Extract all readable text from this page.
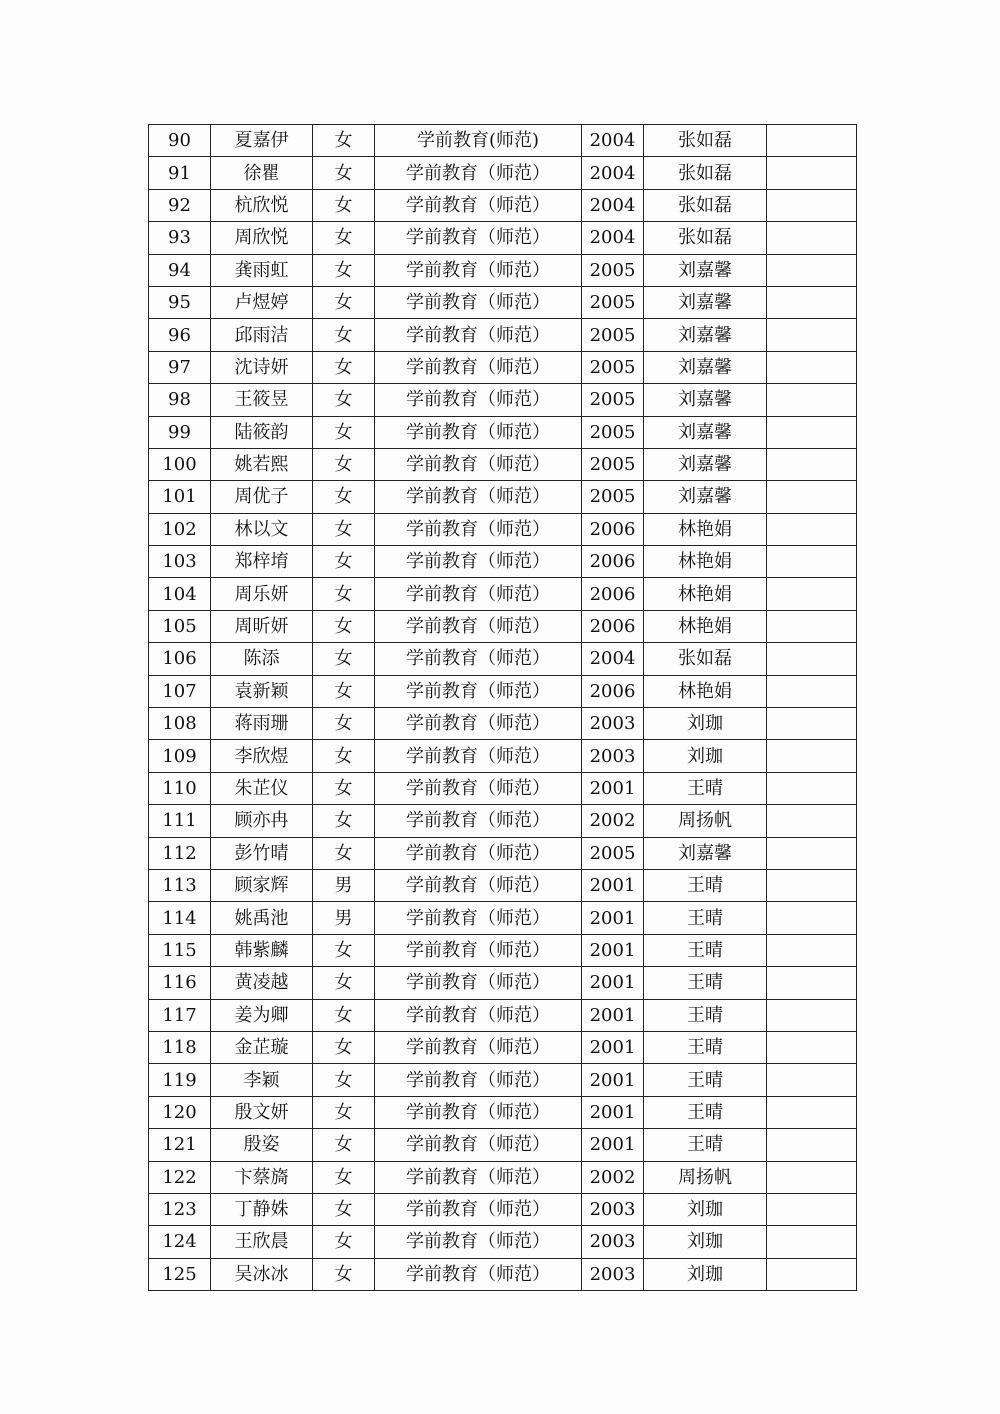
90	夏嘉伊	女	学前教育(师范)	2004	张如磊	
91	徐瞿	女	学前教育（师范）	2004	张如磊	
92	杭欣悦	女	学前教育（师范）	2004	张如磊	
93	周欣悦	女	学前教育（师范）	2004	张如磊	
94	龚雨虹	女	学前教育（师范）	2005	刘嘉馨	
95	卢煜婷	女	学前教育（师范）	2005	刘嘉馨	
96	邱雨洁	女	学前教育（师范）	2005	刘嘉馨	
97	沈诗妍	女	学前教育（师范）	2005	刘嘉馨	
98	王筱昱	女	学前教育（师范）	2005	刘嘉馨	
99	陆筱韵	女	学前教育（师范）	2005	刘嘉馨	
100	姚若熙	女	学前教育（师范）	2005	刘嘉馨	
101	周优子	女	学前教育（师范）	2005	刘嘉馨	
102	林以文	女	学前教育（师范）	2006	林艳娟	
103	郑梓堉	女	学前教育（师范）	2006	林艳娟	
104	周乐妍	女	学前教育（师范）	2006	林艳娟	
105	周昕妍	女	学前教育（师范）	2006	林艳娟	
106	陈添	女	学前教育（师范）	2004	张如磊	
107	袁新颖	女	学前教育（师范）	2006	林艳娟	
108	蒋雨珊	女	学前教育（师范）	2003	刘珈	
109	李欣煜	女	学前教育（师范）	2003	刘珈	
110	朱芷仪	女	学前教育（师范）	2001	王晴	
111	顾亦冉	女	学前教育（师范）	2002	周扬帆	
112	彭竹晴	女	学前教育（师范）	2005	刘嘉馨	
113	顾家辉	男	学前教育（师范）	2001	王晴	
114	姚禹池	男	学前教育（师范）	2001	王晴	
115	韩紫麟	女	学前教育（师范）	2001	王晴	
116	黄凌越	女	学前教育（师范）	2001	王晴	
117	姜为卿	女	学前教育（师范）	2001	王晴	
118	金芷璇	女	学前教育（师范）	2001	王晴	
119	李颖	女	学前教育（师范）	2001	王晴	
120	殷文妍	女	学前教育（师范）	2001	王晴	
121	殷姿	女	学前教育（师范）	2001	王晴	
122	卞蔡旖	女	学前教育（师范）	2002	周扬帆	
123	丁静姝	女	学前教育（师范）	2003	刘珈	
124	王欣晨	女	学前教育（师范）	2003	刘珈	
125	吴冰冰	女	学前教育（师范）	2003	刘珈	
